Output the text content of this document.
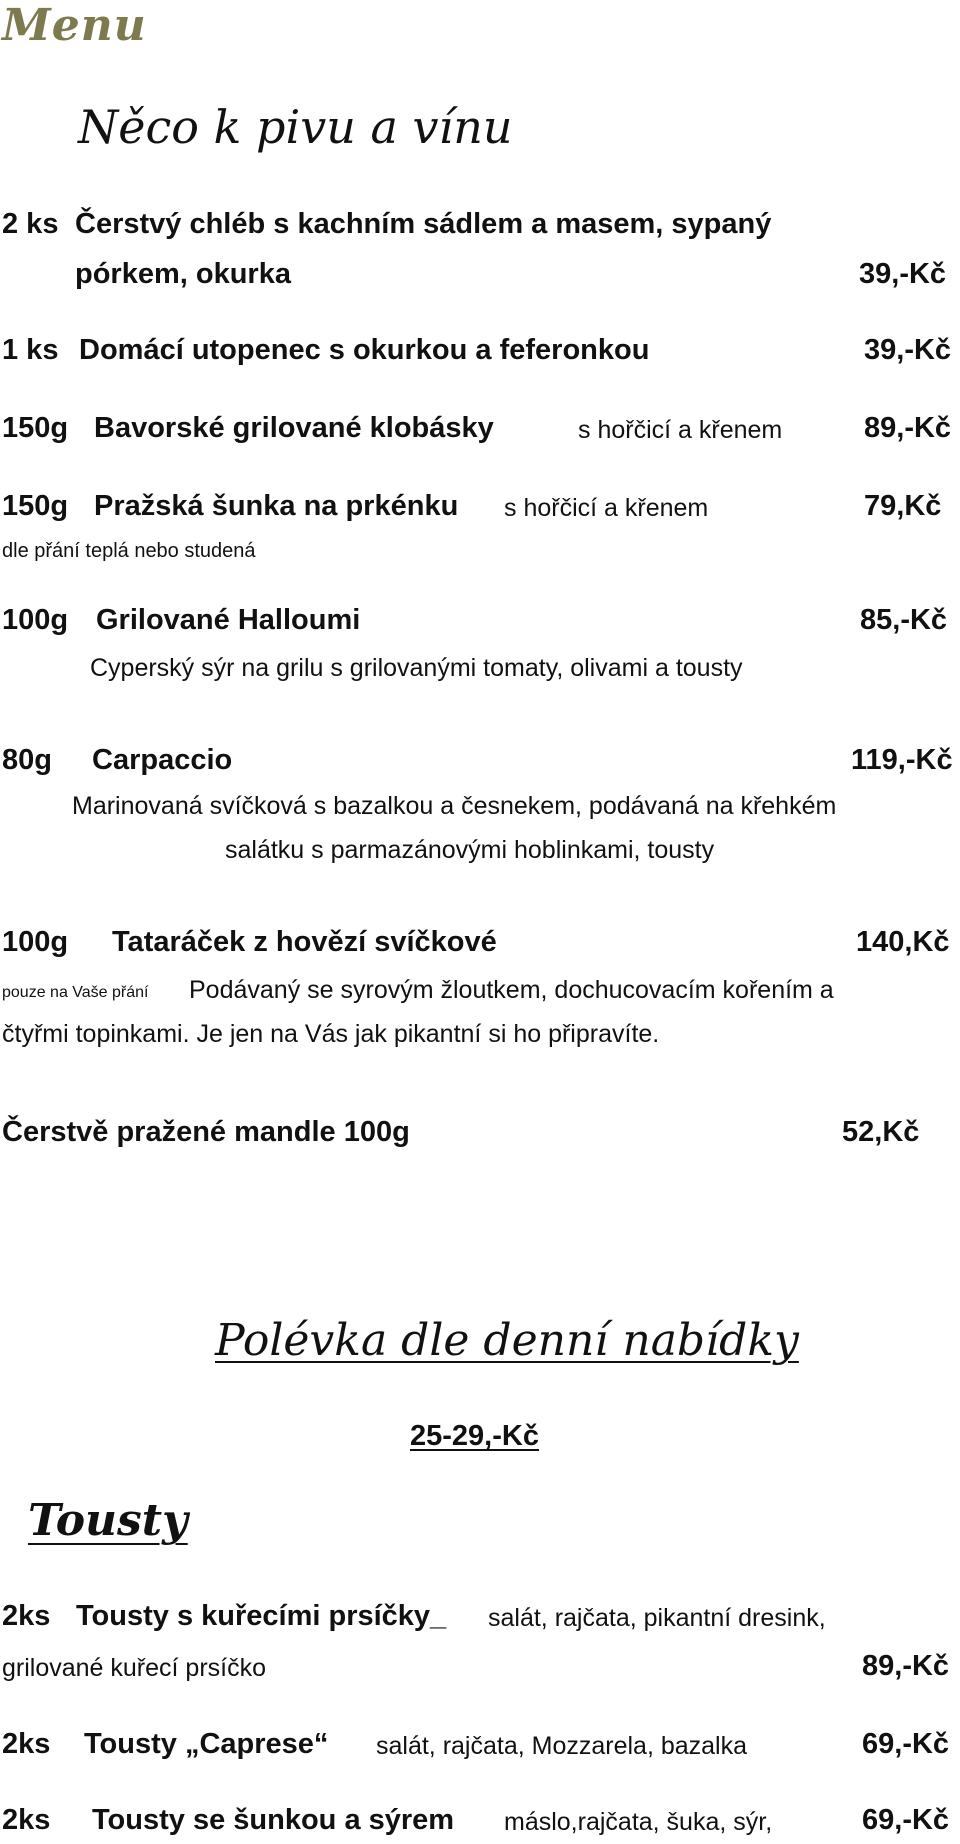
Menu
Něco k pivu a vínu
2 ks Čerstvý chléb s kachním sádlem a masem, sypaný
pórkem, okurka	39,-Kč
1 ks Domácí utopenec s okurkou a feferonkou	39,-Kč
150g Bavorské grilované klobásky	s hořčicí a křenem	89,-Kč
150g Pražská šunka na prkénku s hořčicí a křenem	79,Kč
dle přání teplá nebo studená
100g Grilované Halloumi	85,-Kč
Cyperský sýr na grilu s grilovanými tomaty, olivami a tousty
80g Carpaccio	119,-Kč
Marinovaná svíčková s bazalkou a česnekem, podávaná na křehkém
salátku s parmazánovými hoblinkami, tousty
100g Tataráček z hovězí svíčkové	140,Kč
pouze na Vaše přání Podávaný se syrovým žloutkem, dochucovacím kořením a
čtyřmi topinkami. Je jen na Vás jak pikantní si ho připravíte.
Čerstvě pražené mandle 100g	52,Kč
Polévka dle denní nabídky
25-29,-Kč
Tousty
2ks Tousty s kuřecími prsíčky_ salát, rajčata, pikantní dresink,
grilované kuřecí prsíčko	89,-Kč
2ks Tousty „Caprese“ salát, rajčata, Mozzarela, bazalka	69,-Kč
2ks Tousty se šunkou a sýrem máslo,rajčata, šuka, sýr,	69,-Kč
